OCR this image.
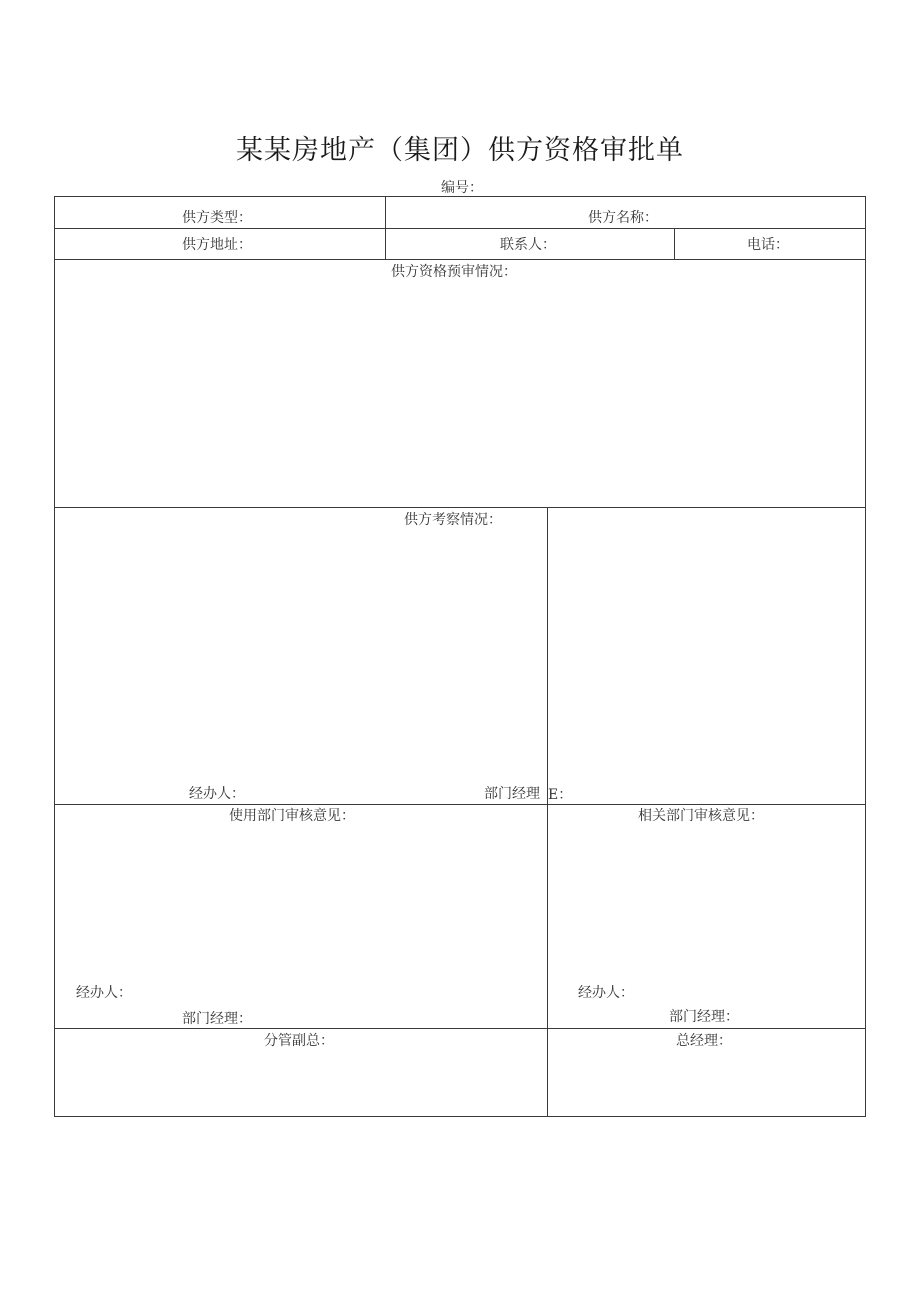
某某房地产（集团）供方资格审批单
编号：
供方类型：	供方名称：
供方地址：	联系人：	电话：
供方资格预审情况：
供方考察情况：
经办人：	部门经理 E：
使用部门审核意见：	相关部门审核意见：
经办人：	经办人：
部门经理：	部门经理：
分管副总：	总经理：
